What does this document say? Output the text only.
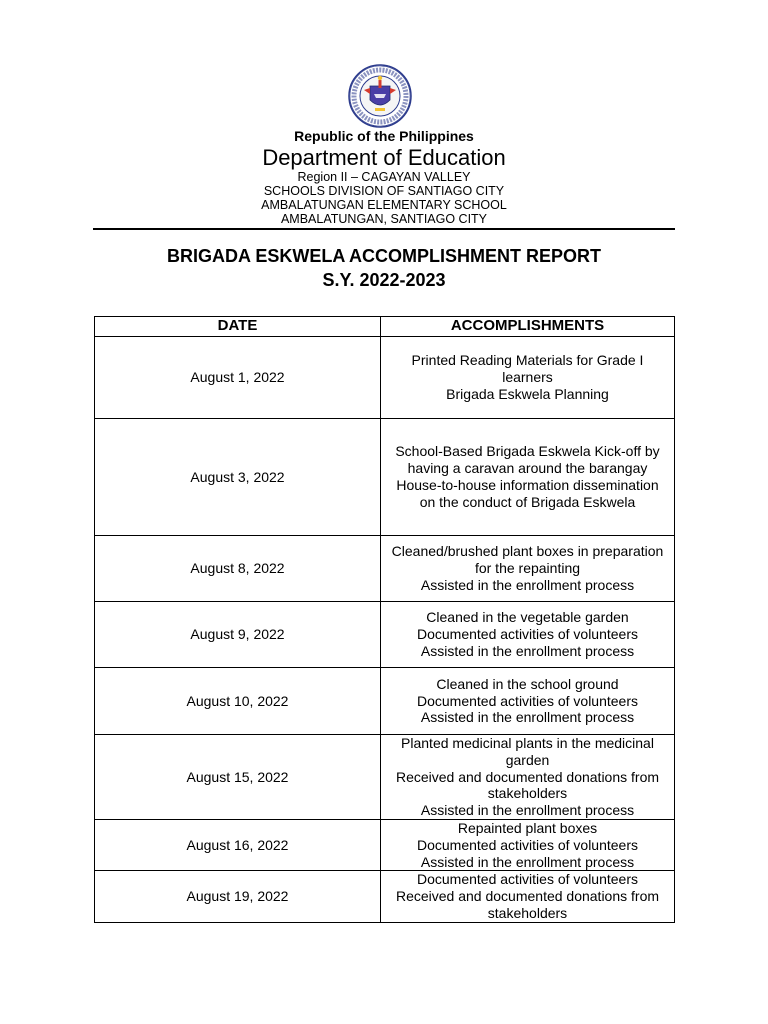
Republic of the Philippines
Department of Education
Region II – CAGAYAN VALLEY
SCHOOLS DIVISION OF SANTIAGO CITY
AMBALATUNGAN ELEMENTARY SCHOOL
AMBALATUNGAN, SANTIAGO CITY
BRIGADA ESKWELA ACCOMPLISHMENT REPORT
S.Y. 2022-2023
DATE	ACCOMPLISHMENTS
August 1, 2022	Printed Reading Materials for Grade I learners
Brigada Eskwela Planning

August 3, 2022	School-Based Brigada Eskwela Kick-off by having a caravan around the barangay
House-to-house information dissemination on the conduct of Brigada Eskwela

August 8, 2022	Cleaned/brushed plant boxes in preparation for the repainting
Assisted in the enrollment process

August 9, 2022	Cleaned in the vegetable garden
Documented activities of volunteers
Assisted in the enrollment process

August 10, 2022	Cleaned in the school ground
Documented activities of volunteers
Assisted in the enrollment process

August 15, 2022	Planted medicinal plants in the medicinal garden
Received and documented donations from stakeholders
Assisted in the enrollment process

August 16, 2022	Repainted plant boxes
Documented activities of volunteers
Assisted in the enrollment process

August 19, 2022	Documented activities of volunteers
Received and documented donations from stakeholders
